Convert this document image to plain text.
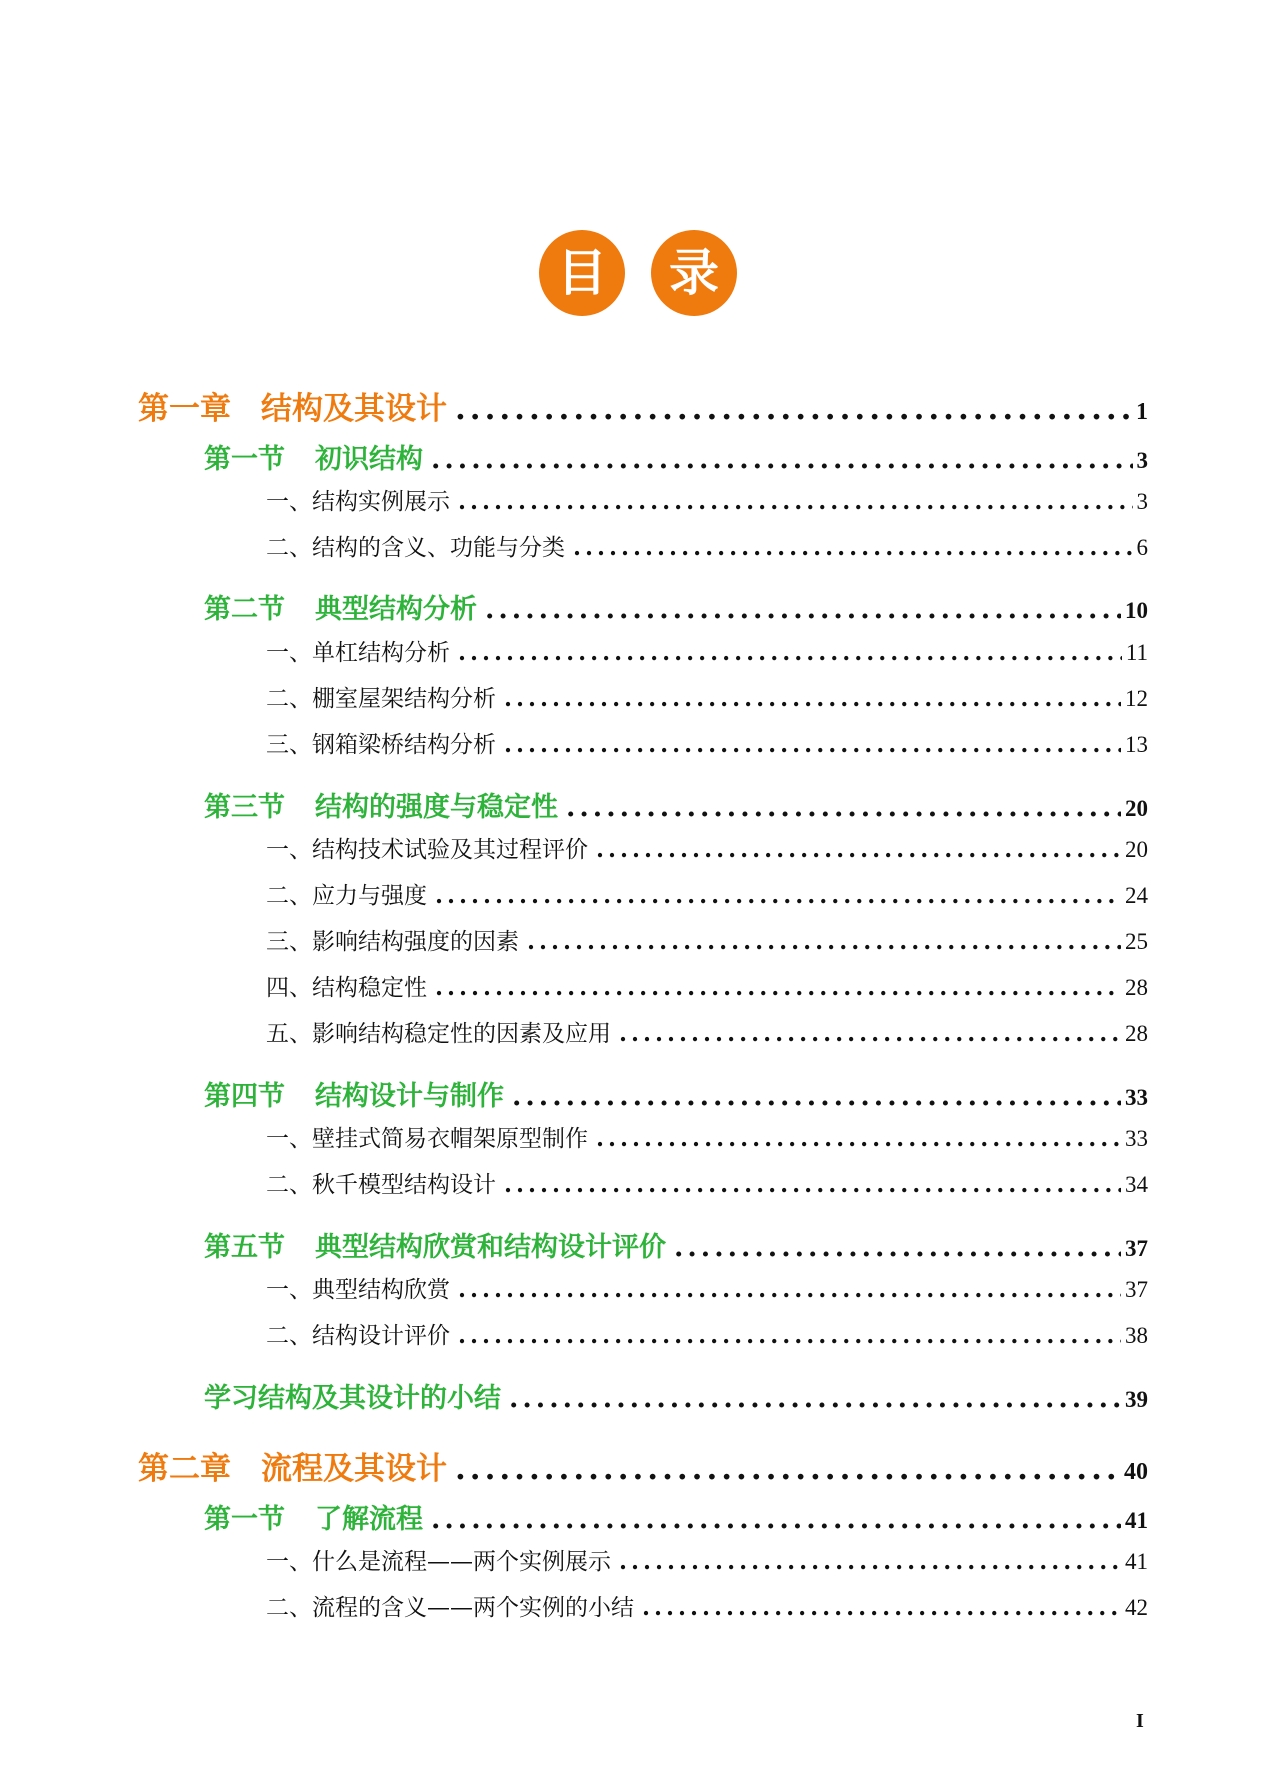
目	录
第一章 结构及其设计 .....	1
第一节 初识结构 .....	3
一、结构实例展示 .....	3
二、结构的含义、功能与分类 .....	6
第二节 典型结构分析 .....	10
一、单杠结构分析 .....	11
二、棚室屋架结构分析 .....	12
三、钢箱梁桥结构分析 .....	13
第三节 结构的强度与稳定性 .....	20
一、结构技术试验及其过程评价 .....	20
二、应力与强度 .....	24
三、影响结构强度的因素 .....	25
四、结构稳定性 .....	28
五、影响结构稳定性的因素及应用 .....	28
第四节 结构设计与制作 .....	33
一、壁挂式简易衣帽架原型制作 .....	33
二、秋千模型结构设计 .....	34
第五节 典型结构欣赏和结构设计评价 .....	37
一、典型结构欣赏 .....	37
二、结构设计评价 .....	38
学习结构及其设计的小结 .....	39
第二章 流程及其设计 .....	40
第一节 了解流程 .....	41
一、什么是流程——两个实例展示 .....	41
二、流程的含义——两个实例的小结 .....	42
I
